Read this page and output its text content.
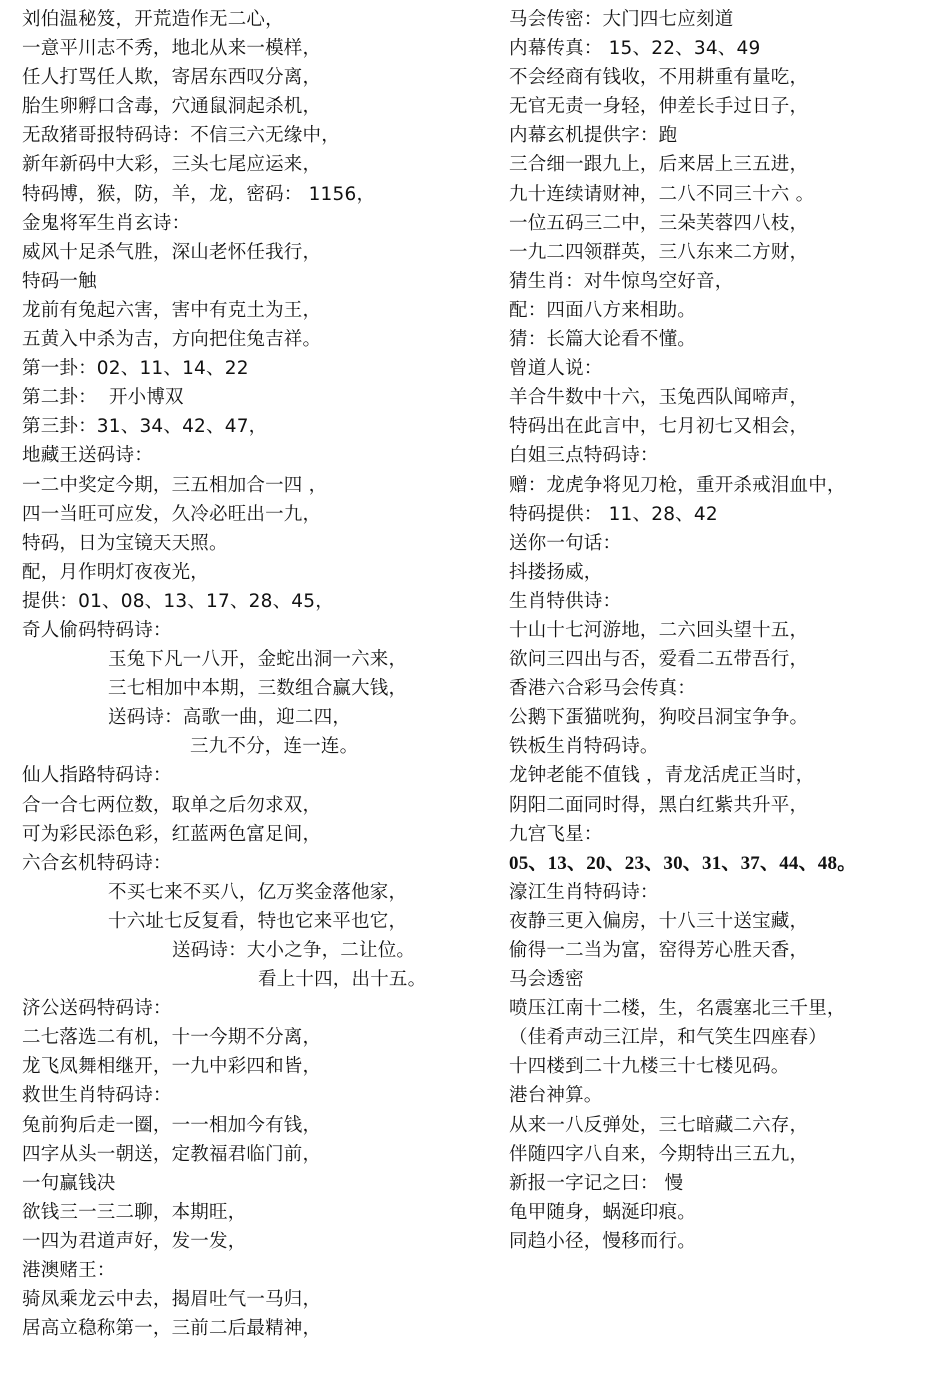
刘伯温秘笈，开荒造作无二心，
一意平川志不秀，地北从来一模样，
任人打骂任人欺，寄居东西叹分离，
胎生卵孵口含毒，穴通鼠洞起杀机，
无敌猪哥报特码诗：不信三六无缘中，
新年新码中大彩，三头七尾应运来，
特码博，猴，防，羊，龙，密码： 1156，
金鬼将军生肖玄诗：
威风十足杀气胜，深山老怀任我行，
特码一触
龙前有兔起六害，害中有克土为王，
五黄入中杀为吉，方向把住兔吉祥。
第一卦：02、11、14、22
第二卦：  开小博双
第三卦：31、34、42、47，
地藏王送码诗：
一二中奖定今期，三五相加合一四 ，
四一当旺可应发，久冷必旺出一九，
特码，日为宝镜天天照。
配，月作明灯夜夜光，
提供：01、08、13、17、28、45，
奇人偷码特码诗：
玉兔下凡一八开，金蛇出洞一六来，
三七相加中本期，三数组合赢大钱，
送码诗：高歌一曲，迎二四，
三九不分，连一连。
仙人指路特码诗：
合一合七两位数，取单之后勿求双，
可为彩民添色彩，红蓝两色富足间，
六合玄机特码诗：
不买七来不买八，亿万奖金落他家，
十六址七反复看，特也它来平也它，
送码诗：大小之争，二让位。
看上十四，出十五。
济公送码特码诗：
二七落选二有机，十一今期不分离，
龙飞凤舞相继开，一九中彩四和皆，
救世生肖特码诗：
兔前狗后走一圈，一一相加今有钱，
四字从头一朝送，定教福君临门前，
一句赢钱决
欲钱三一三二聊，本期旺，
一四为君道声好，发一发，
港澳赌王：
骑凤乘龙云中去，揭眉吐气一马归，
居高立稳称第一，三前二后最精神，
马会传密：大门四七应刻道
内幕传真： 15、22、34、49
不会经商有钱收，不用耕重有量吃，
无官无责一身轻，伸差长手过日子，
内幕玄机提供字：跑
三合细一跟九上，后来居上三五进，
九十连续请财神，二八不同三十六 。
一位五码三二中，三朵芙蓉四八枝，
一九二四领群英，三八东来二方财，
猜生肖：对牛惊鸟空好音，
配：四面八方来相助。
猜：长篇大论看不懂。
曾道人说：
羊合牛数中十六，玉兔西队闻啼声，
特码出在此言中，七月初七又相会，
白姐三点特码诗：
赠：龙虎争将见刀枪，重开杀戒泪血中，
特码提供： 11、28、42
送你一句话：
抖搂扬威，
生肖特供诗：
十山十七河游地，二六回头望十五，
欲问三四出与否，爱看二五带吾行，
香港六合彩马会传真：
公鹅下蛋猫咣狗，狗咬吕洞宝争争。
铁板生肖特码诗。
龙钟老能不值钱 ，青龙活虎正当时，
阴阳二面同时得，黑白红紫共升平，
九宫飞星：
05、13、20、23、30、31、37、44、48。
濠江生肖特码诗：
夜静三更入偏房，十八三十送宝藏，
偷得一二当为富，窑得芳心胜天香，
马会透密
喷压江南十二楼，生，名震塞北三千里，
（佳肴声动三江岸，和气笑生四座春）
十四楼到二十九楼三十七楼见码。
港台神算。
从来一八反弹处，三七暗藏二六存，
伴随四字八自来，今期特出三五九，
新报一字记之曰： 慢
龟甲随身，蜗涎印痕。
同趋小径，慢移而行。
